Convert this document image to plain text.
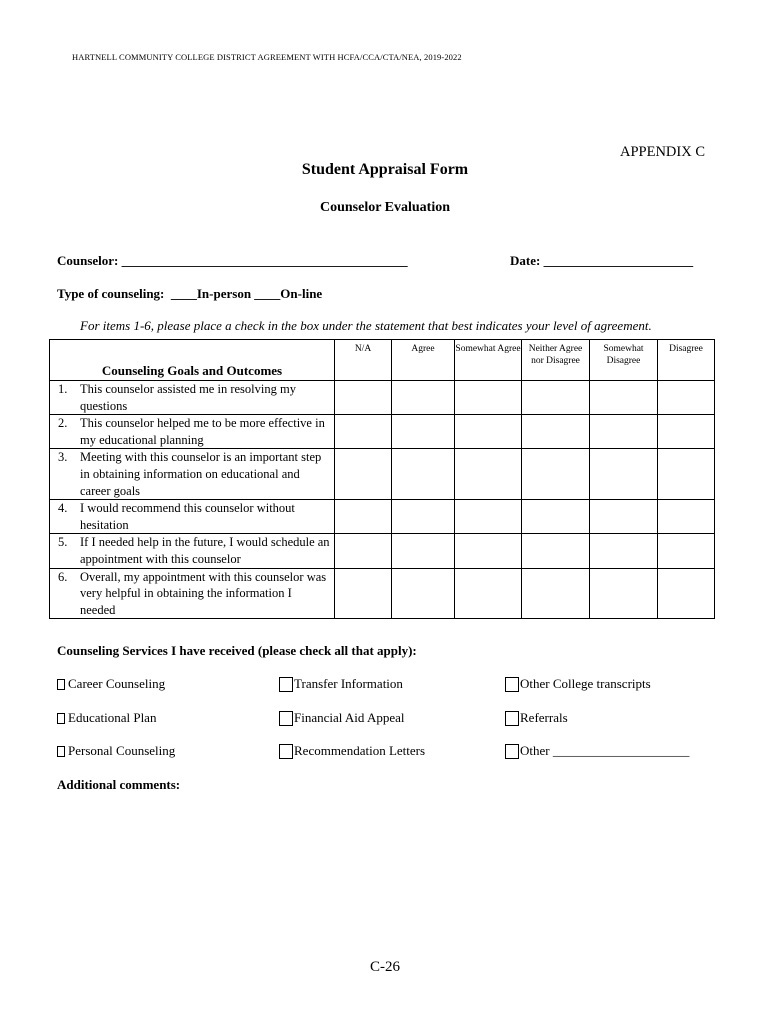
HARTNELL COMMUNITY COLLEGE DISTRICT AGREEMENT WITH HCFA/CCA/CTA/NEA, 2019-2022
APPENDIX C
Student Appraisal Form
Counselor Evaluation
Counselor: ____________________________________________	Date: _______________________
Type of counseling:  ____In-person ____On-line
For items 1-6, please place a check in the box under the statement that best indicates your level of agreement.
Counseling Goals and Outcomes	N/A	Agree	Somewhat Agree	Neither Agree nor Disagree	Somewhat Disagree	Disagree

1. This counselor assisted me in resolving my questions						

2. This counselor helped me to be more effective in my educational planning						

3. Meeting with this counselor is an important step in obtaining information on educational and career goals						

4. I would recommend this counselor without hesitation						

5. If I needed help in the future, I would schedule an appointment with this counselor						

6. Overall, my appointment with this counselor was very helpful in obtaining the information I needed						

Counseling Services I have received (please check all that apply):
Career Counseling
Educational Plan
Personal Counseling
Transfer Information
Financial Aid Appeal
Recommendation Letters
Other College transcripts
Referrals
Other _____________________
Additional comments:
C-26
